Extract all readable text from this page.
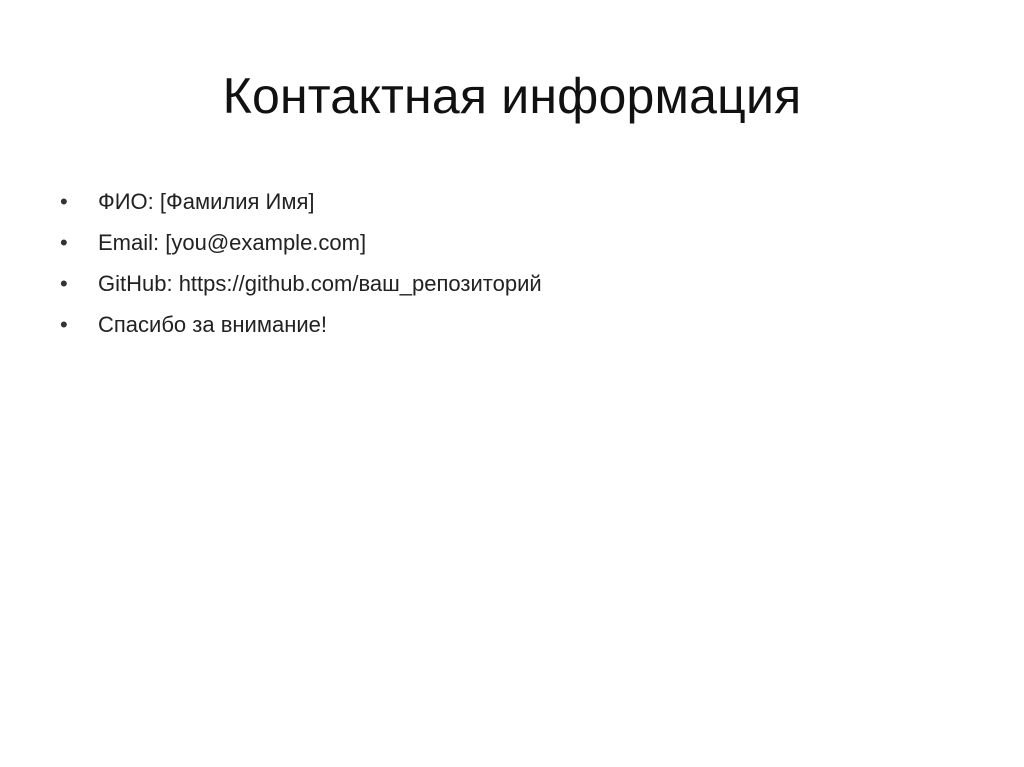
Контактная информация
•	ФИО: [Фамилия Имя]
•	Email: [you@example.com]
•	GitHub: https://github.com/ваш_репозиторий
•	Спасибо за внимание!
